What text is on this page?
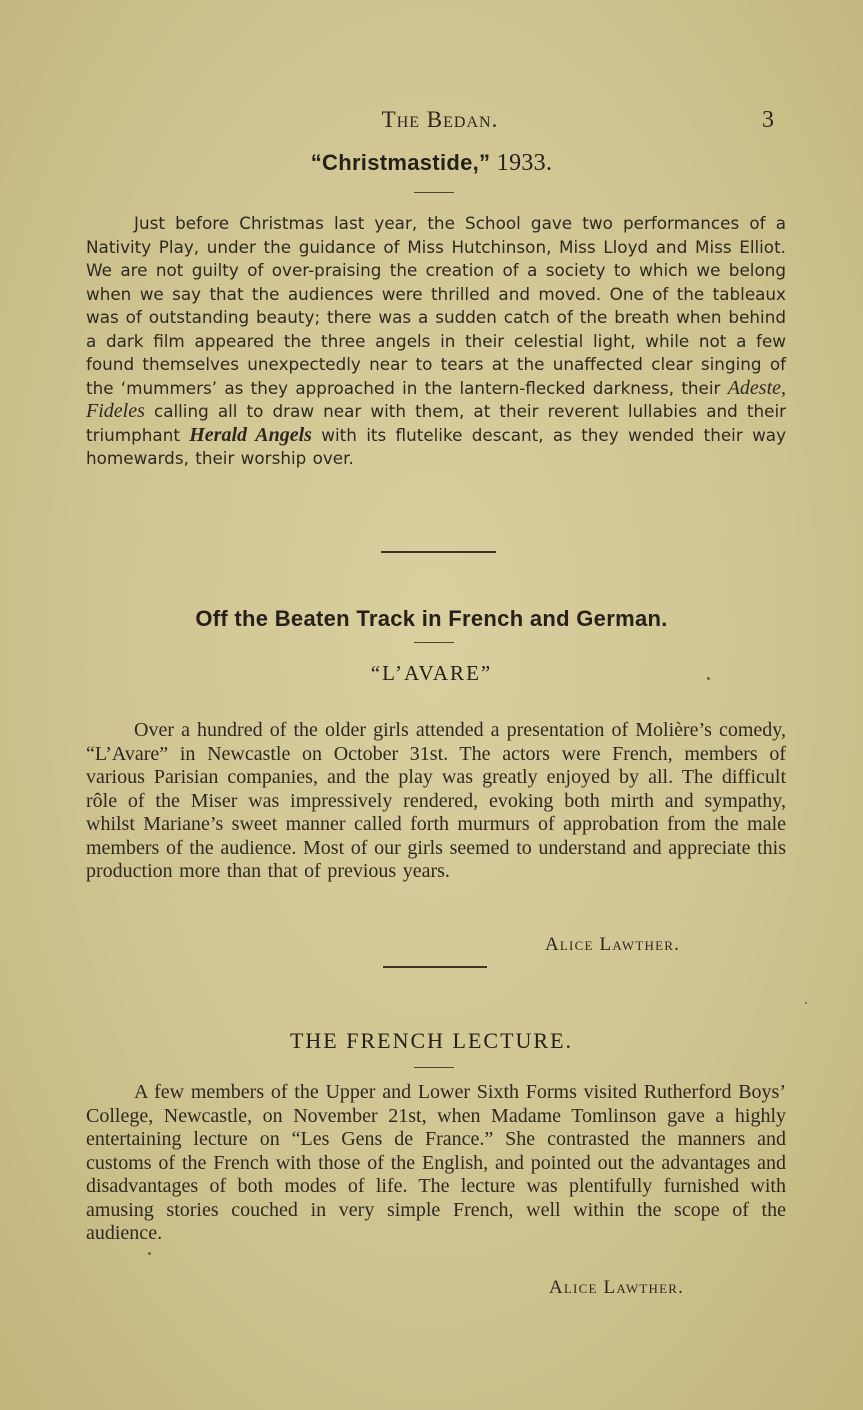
The Bedan.	3
“Christmastide,” 1933.

Just before Christmas last year, the School gave two performances of a Nativity Play, under the guidance of Miss Hutchinson, Miss Lloyd and Miss Elliot. We are not guilty of over-praising the creation of a society to which we belong when we say that the audiences were thrilled and moved. One of the tableaux was of outstanding beauty; there was a sudden catch of the breath when behind a dark film appeared the three angels in their celestial light, while not a few found themselves unexpectedly near to tears at the unaffected clear singing of the ‘mummers’ as they approached in the lantern-flecked darkness, their Adeste, Fideles calling all to draw near with them, at their reverent lullabies and their triumphant Herald Angels with its flutelike descant, as they wended their way homewards, their worship over.

Off the Beaten Track in French and German.
“L’AVARE”

Over a hundred of the older girls attended a presentation of Molière’s comedy, “L’Avare” in Newcastle on October 31st. The actors were French, members of various Parisian companies, and the play was greatly enjoyed by all. The difficult rôle of the Miser was impressively rendered, evoking both mirth and sympathy, whilst Mariane’s sweet manner called forth murmurs of approbation from the male members of the audience. Most of our girls seemed to understand and appreciate this production more than that of previous years.

Alice Lawther.
THE FRENCH LECTURE.

A few members of the Upper and Lower Sixth Forms visited Rutherford Boys’ College, Newcastle, on November 21st, when Madame Tomlinson gave a highly entertaining lecture on “Les Gens de France.” She contrasted the manners and customs of the French with those of the English, and pointed out the advantages and disadvantages of both modes of life. The lecture was plentifully furnished with amusing stories couched in very simple French, well within the scope of the audience.

Alice Lawther.
